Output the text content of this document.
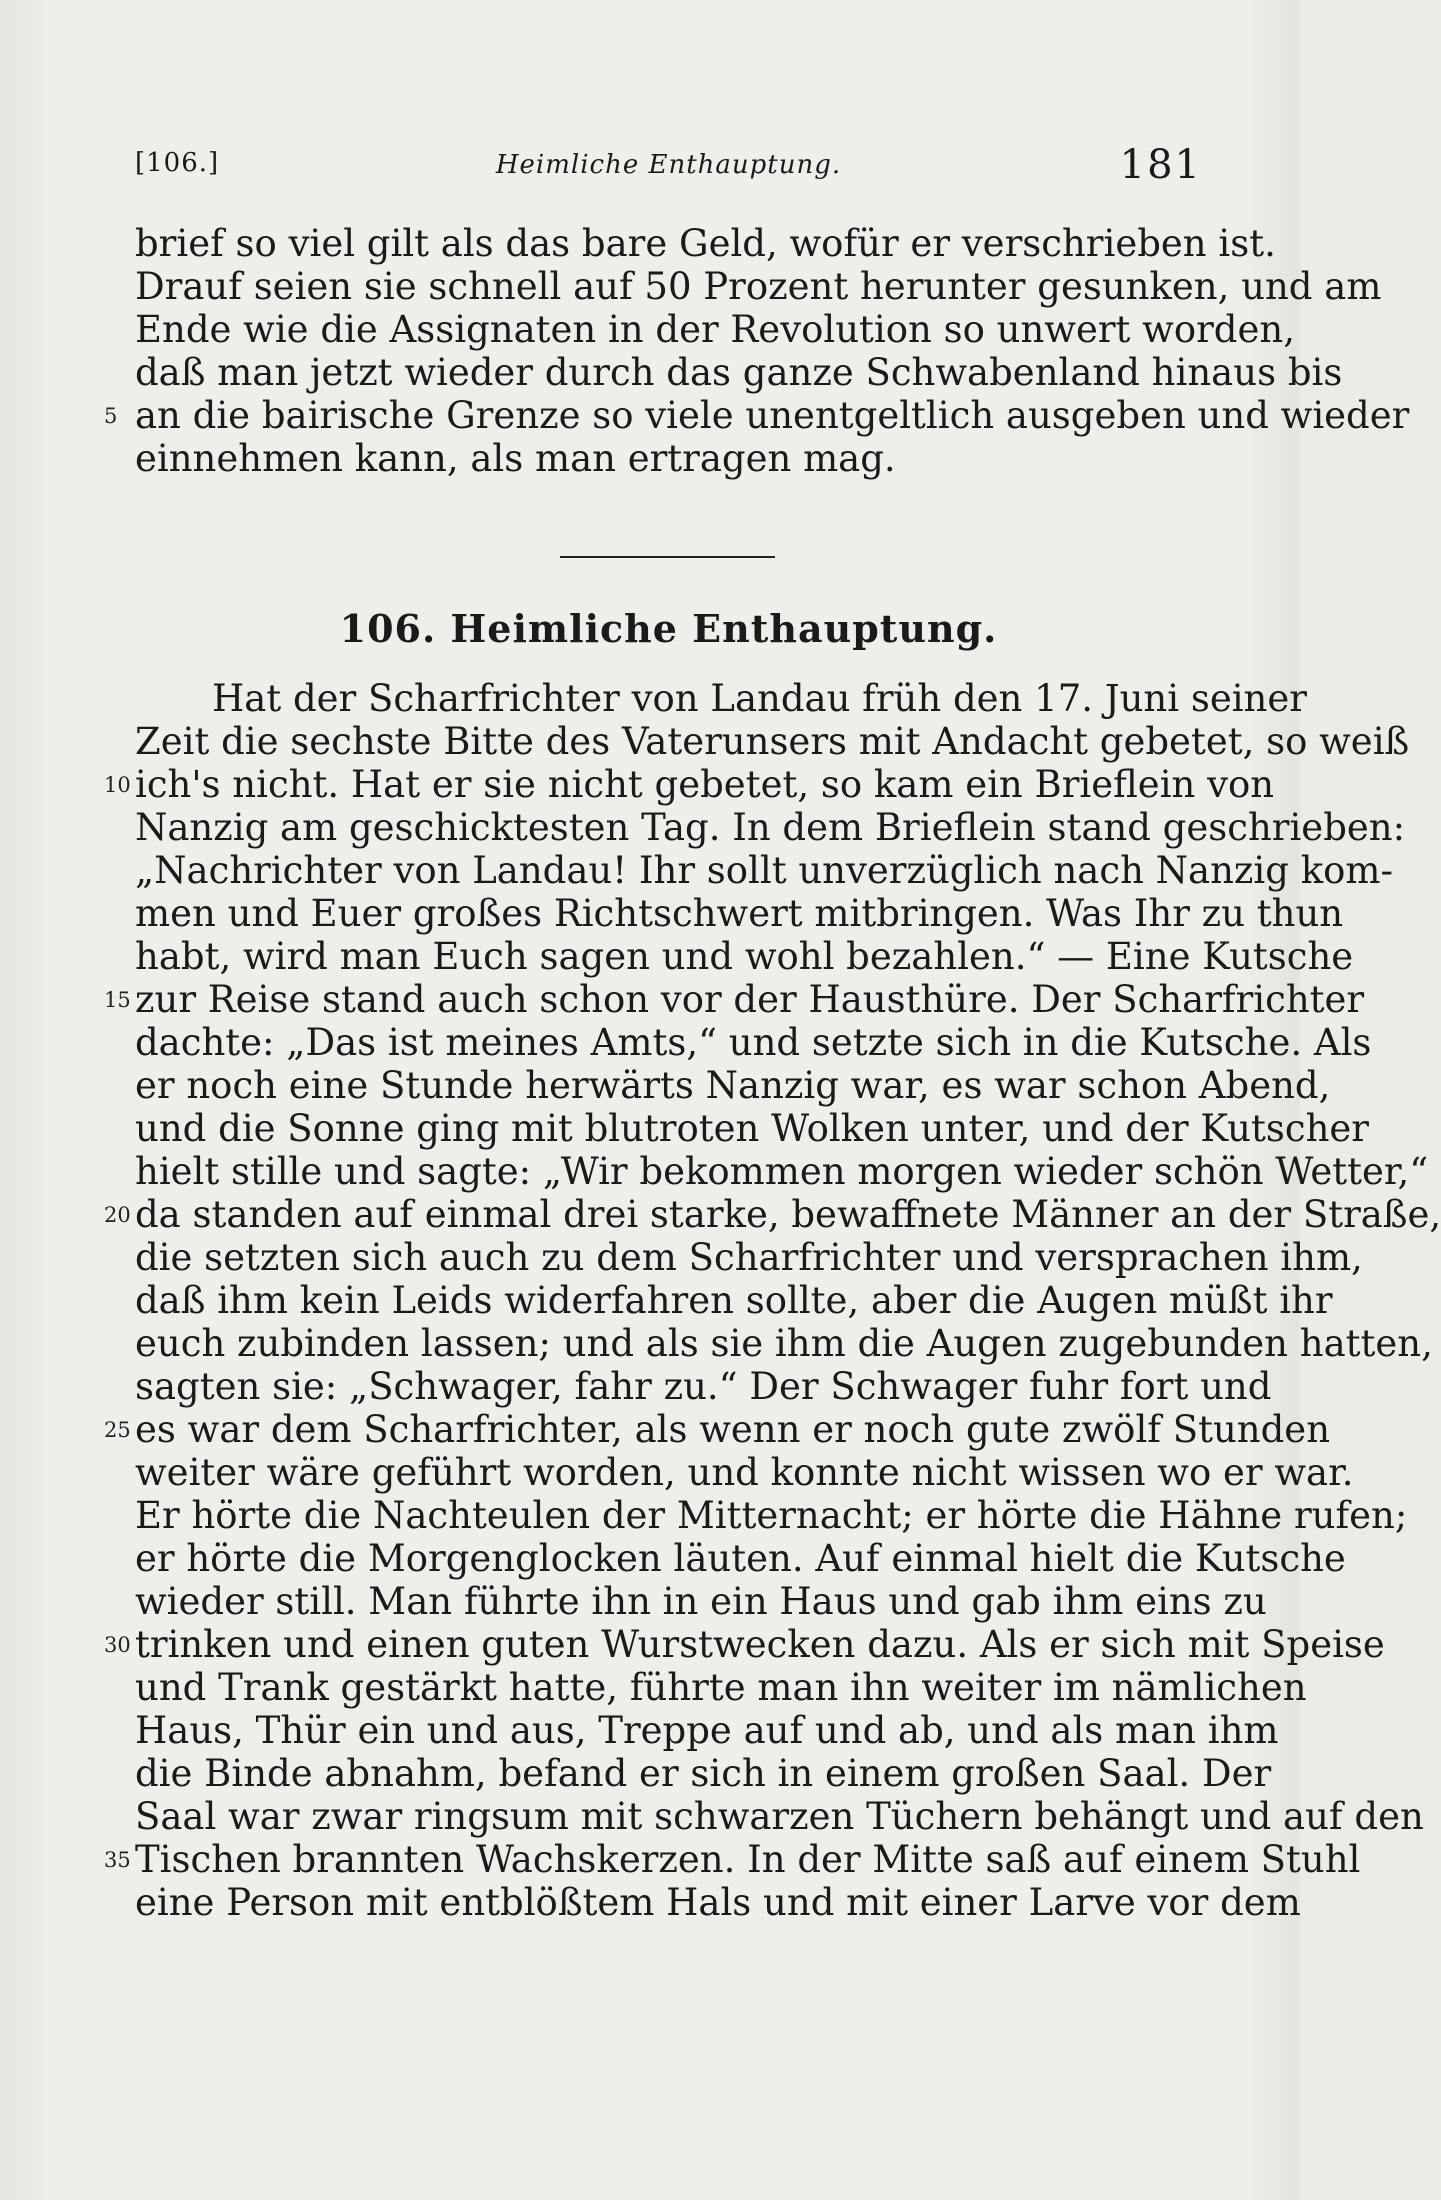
[106.]	Heimliche Enthauptung.	181
brief so viel gilt als das bare Geld, wofür er verschrieben ist.
Drauf seien sie schnell auf 50 Prozent herunter gesunken, und am
Ende wie die Assignaten in der Revolution so unwert worden,
daß man jetzt wieder durch das ganze Schwabenland hinaus bis
an die bairische Grenze so viele unentgeltlich ausgeben und wieder
einnehmen kann, als man ertragen mag.
5
106. Heimliche Enthauptung.
Hat der Scharfrichter von Landau früh den 17. Juni seiner
Zeit die sechste Bitte des Vaterunsers mit Andacht gebetet, so weiß
ich's nicht. Hat er sie nicht gebetet, so kam ein Brieflein von
Nanzig am geschicktesten Tag. In dem Brieflein stand geschrieben:
„Nachrichter von Landau! Ihr sollt unverzüglich nach Nanzig kom-
men und Euer großes Richtschwert mitbringen. Was Ihr zu thun
habt, wird man Euch sagen und wohl bezahlen.“ — Eine Kutsche
zur Reise stand auch schon vor der Hausthüre. Der Scharfrichter
dachte: „Das ist meines Amts,“ und setzte sich in die Kutsche. Als
er noch eine Stunde herwärts Nanzig war, es war schon Abend,
und die Sonne ging mit blutroten Wolken unter, und der Kutscher
hielt stille und sagte: „Wir bekommen morgen wieder schön Wetter,“
da standen auf einmal drei starke, bewaffnete Männer an der Straße,
die setzten sich auch zu dem Scharfrichter und versprachen ihm,
daß ihm kein Leids widerfahren sollte, aber die Augen müßt ihr
euch zubinden lassen; und als sie ihm die Augen zugebunden hatten,
sagten sie: „Schwager, fahr zu.“ Der Schwager fuhr fort und
es war dem Scharfrichter, als wenn er noch gute zwölf Stunden
weiter wäre geführt worden, und konnte nicht wissen wo er war.
Er hörte die Nachteulen der Mitternacht; er hörte die Hähne rufen;
er hörte die Morgenglocken läuten. Auf einmal hielt die Kutsche
wieder still. Man führte ihn in ein Haus und gab ihm eins zu
trinken und einen guten Wurstwecken dazu. Als er sich mit Speise
und Trank gestärkt hatte, führte man ihn weiter im nämlichen
Haus, Thür ein und aus, Treppe auf und ab, und als man ihm
die Binde abnahm, befand er sich in einem großen Saal. Der
Saal war zwar ringsum mit schwarzen Tüchern behängt und auf den
Tischen brannten Wachskerzen. In der Mitte saß auf einem Stuhl
eine Person mit entblößtem Hals und mit einer Larve vor dem
10
15
20
25
30
35
